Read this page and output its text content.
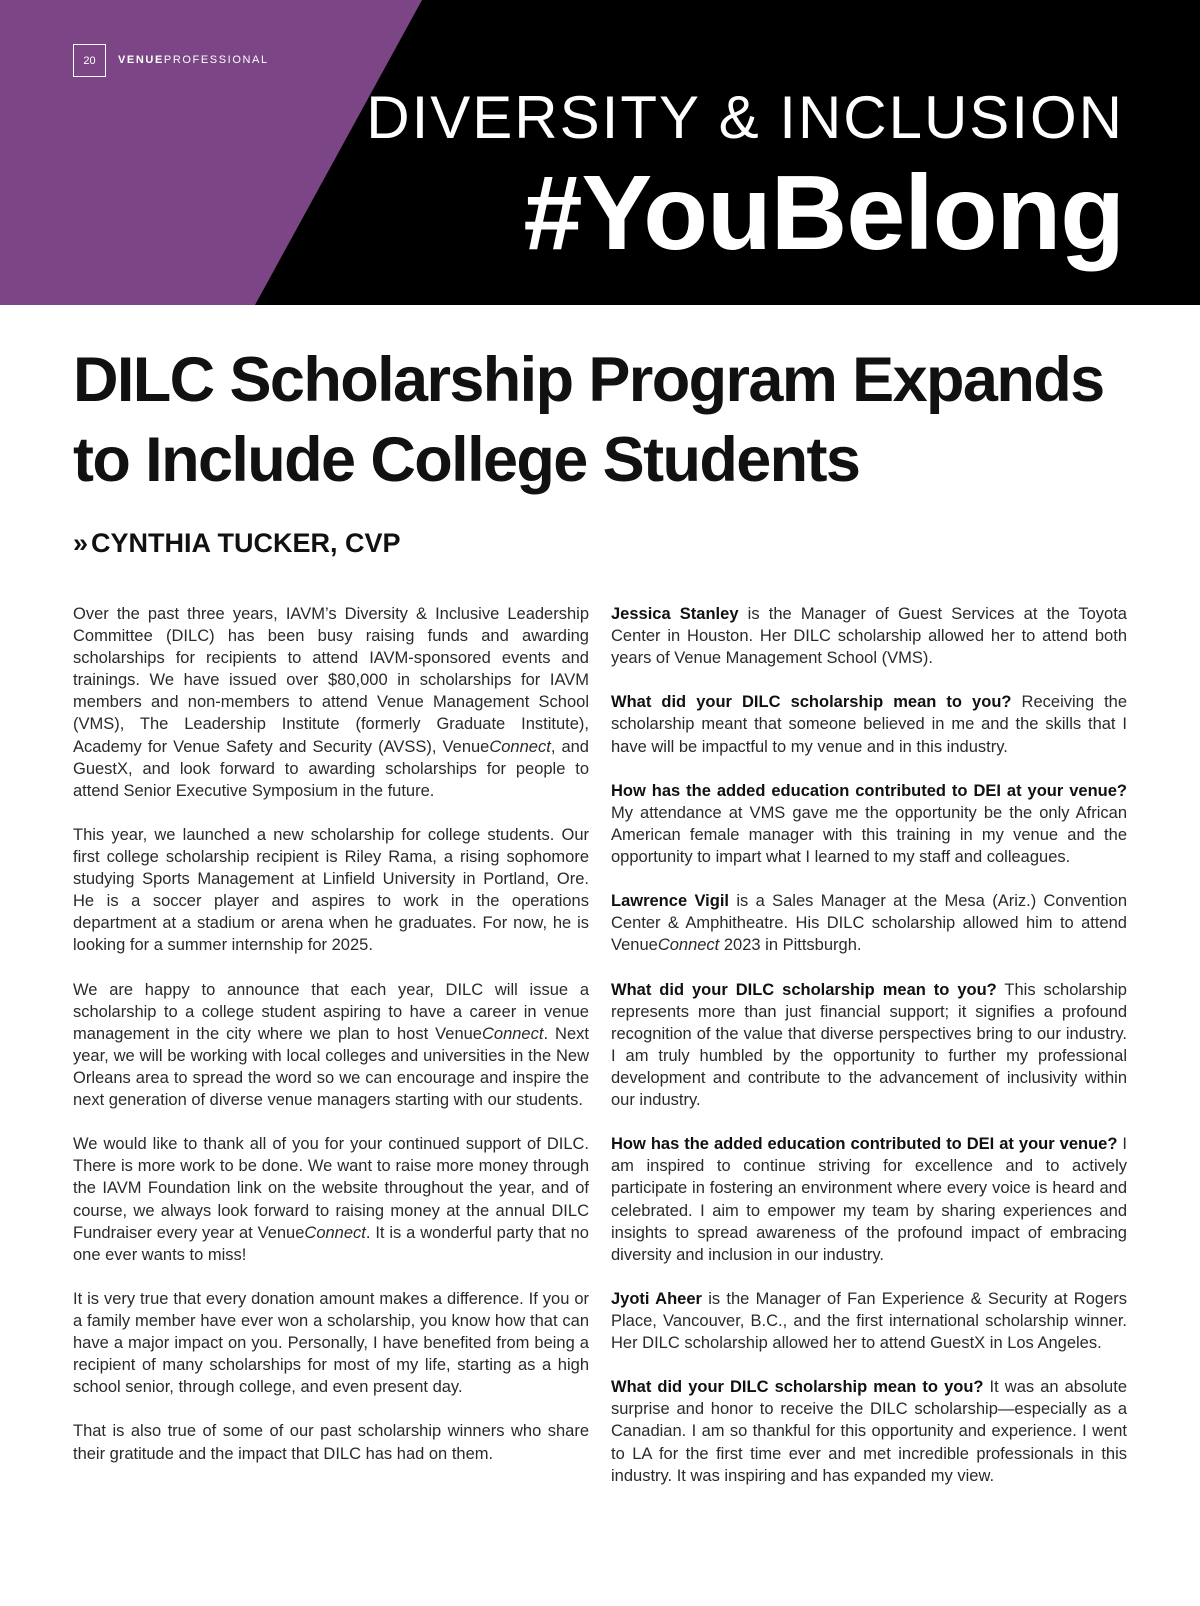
20	VENUEPROFESSIONAL
DIVERSITY & INCLUSION
#YouBelong
DILC Scholarship Program Expands to Include College Students
» CYNTHIA TUCKER, CVP

Over the past three years, IAVM’s Diversity & Inclusive Leadership Committee (DILC) has been busy raising funds and awarding scholarships for recipients to attend IAVM-sponsored events and trainings. We have issued over $80,000 in scholarships for IAVM members and non-members to attend Venue Management School (VMS), The Leadership Institute (formerly Graduate Institute), Academy for Venue Safety and Security (AVSS), VenueConnect, and GuestX, and look forward to awarding scholarships for people to attend Senior Executive Symposium in the future.

This year, we launched a new scholarship for college students. Our first college scholarship recipient is Riley Rama, a rising sophomore studying Sports Management at Linfield University in Portland, Ore. He is a soccer player and aspires to work in the operations department at a stadium or arena when he graduates. For now, he is looking for a summer internship for 2025.

We are happy to announce that each year, DILC will issue a scholarship to a college student aspiring to have a career in venue management in the city where we plan to host VenueConnect. Next year, we will be working with local colleges and universities in the New Orleans area to spread the word so we can encourage and inspire the next generation of diverse venue managers starting with our students.

We would like to thank all of you for your continued support of DILC. There is more work to be done. We want to raise more money through the IAVM Foundation link on the website throughout the year, and of course, we always look forward to raising money at the annual DILC Fundraiser every year at VenueConnect. It is a wonderful party that no one ever wants to miss!

It is very true that every donation amount makes a difference. If you or a family member have ever won a scholarship, you know how that can have a major impact on you. Personally, I have benefited from being a recipient of many scholarships for most of my life, starting as a high school senior, through college, and even present day.

That is also true of some of our past scholarship winners who share their gratitude and the impact that DILC has had on them.

Jessica Stanley is the Manager of Guest Services at the Toyota Center in Houston. Her DILC scholarship allowed her to attend both years of Venue Management School (VMS).

What did your DILC scholarship mean to you? Receiving the scholarship meant that someone believed in me and the skills that I have will be impactful to my venue and in this industry.

How has the added education contributed to DEI at your venue? My attendance at VMS gave me the opportunity be the only African American female manager with this training in my venue and the opportunity to impart what I learned to my staff and colleagues.

Lawrence Vigil is a Sales Manager at the Mesa (Ariz.) Convention Center & Amphitheatre. His DILC scholarship allowed him to attend VenueConnect 2023 in Pittsburgh.

What did your DILC scholarship mean to you? This scholarship represents more than just financial support; it signifies a profound recognition of the value that diverse perspectives bring to our industry. I am truly humbled by the opportunity to further my professional development and contribute to the advancement of inclusivity within our industry.

How has the added education contributed to DEI at your venue? I am inspired to continue striving for excellence and to actively participate in fostering an environment where every voice is heard and celebrated. I aim to empower my team by sharing experiences and insights to spread awareness of the profound impact of embracing diversity and inclusion in our industry.

Jyoti Aheer is the Manager of Fan Experience & Security at Rogers Place, Vancouver, B.C., and the first international scholarship winner. Her DILC scholarship allowed her to attend GuestX in Los Angeles.

What did your DILC scholarship mean to you? It was an absolute surprise and honor to receive the DILC scholarship—especially as a Canadian. I am so thankful for this opportunity and experience. I went to LA for the first time ever and met incredible professionals in this industry. It was inspiring and has expanded my view.
